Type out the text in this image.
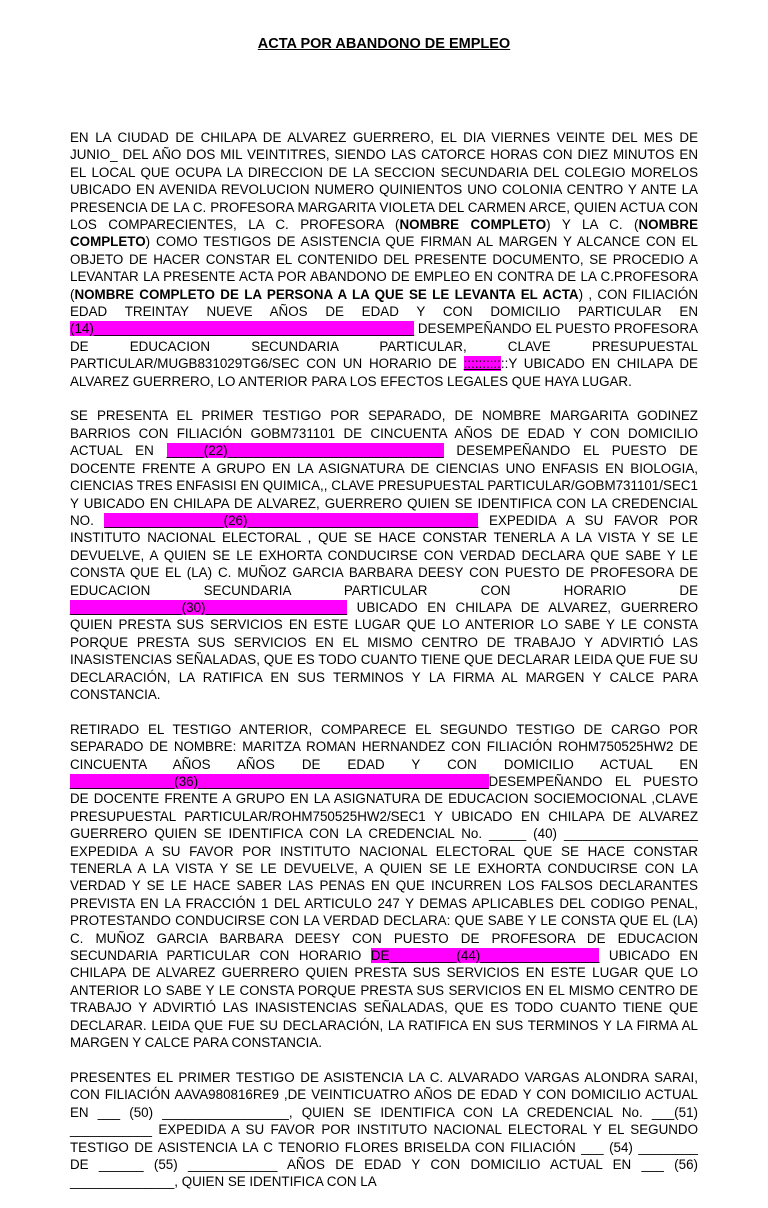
ACTA POR ABANDONO DE EMPLEO

EN LA CIUDAD DE CHILAPA DE ALVAREZ GUERRERO, EL DIA VIERNES VEINTE DEL MES DE JUNIO_ DEL AÑO DOS MIL VEINTITRES, SIENDO LAS CATORCE HORAS CON DIEZ MINUTOS EN EL LOCAL QUE OCUPA LA DIRECCION DE LA SECCION SECUNDARIA DEL COLEGIO MORELOS UBICADO EN AVENIDA REVOLUCION NUMERO QUINIENTOS UNO COLONIA CENTRO Y ANTE LA PRESENCIA DE LA C. PROFESORA MARGARITA VIOLETA DEL CARMEN ARCE, QUIEN ACTUA CON LOS COMPARECIENTES, LA C. PROFESORA (NOMBRE COMPLETO) Y LA C. (NOMBRE COMPLETO) COMO TESTIGOS DE ASISTENCIA QUE FIRMAN AL MARGEN Y ALCANCE CON EL OBJETO DE HACER CONSTAR EL CONTENIDO DEL PRESENTE DOCUMENTO, SE PROCEDIO A LEVANTAR LA PRESENTE ACTA POR ABANDONO DE EMPLEO EN CONTRA DE LA C.PROFESORA (NOMBRE COMPLETO DE LA PERSONA A LA QUE SE LE LEVANTA EL ACTA) , CON FILIACIÓN EDAD TREINTAY NUEVE AÑOS DE EDAD Y CON DOMICILIO PARTICULAR EN (14)___________________________________________ DESEMPEÑANDO EL PUESTO PROFESORA DE EDUCACION SECUNDARIA PARTICULAR, CLAVE PRESUPUESTAL PARTICULAR/MUGB831029TG6/SEC CON UN HORARIO DE ::::::::::::Y UBICADO EN CHILAPA DE ALVAREZ GUERRERO, LO ANTERIOR PARA LOS EFECTOS LEGALES QUE HAYA LUGAR.

SE PRESENTA EL PRIMER TESTIGO POR SEPARADO, DE NOMBRE MARGARITA GODINEZ BARRIOS CON FILIACIÓN GOBM731101 DE CINCUENTA AÑOS DE EDAD Y CON DOMICILIO ACTUAL EN _____(22)_____________________________ DESEMPEÑANDO EL PUESTO DE DOCENTE FRENTE A GRUPO EN LA ASIGNATURA DE CIENCIAS UNO ENFASIS EN BIOLOGIA, CIENCIAS TRES ENFASISI EN QUIMICA,, CLAVE PRESUPUESTAL PARTICULAR/GOBM731101/SEC1 Y UBICADO EN CHILAPA DE ALVAREZ, GUERRERO QUIEN SE IDENTIFICA CON LA CREDENCIAL NO. ________________(26)_______________________________ EXPEDIDA A SU FAVOR POR INSTITUTO NACIONAL ELECTORAL , QUE SE HACE CONSTAR TENERLA A LA VISTA Y SE LE DEVUELVE, A QUIEN SE LE EXHORTA CONDUCIRSE CON VERDAD DECLARA QUE SABE Y LE CONSTA QUE EL (LA) C. MUÑOZ GARCIA BARBARA DEESY CON PUESTO DE PROFESORA DE EDUCACION SECUNDARIA PARTICULAR CON HORARIO DE _______________(30)___________________ UBICADO EN CHILAPA DE ALVAREZ, GUERRERO QUIEN PRESTA SUS SERVICIOS EN ESTE LUGAR QUE LO ANTERIOR LO SABE Y LE CONSTA PORQUE PRESTA SUS SERVICIOS EN EL MISMO CENTRO DE TRABAJO Y ADVIRTIÓ LAS INASISTENCIAS SEÑALADAS, QUE ES TODO CUANTO TIENE QUE DECLARAR LEIDA QUE FUE SU DECLARACIÓN, LA RATIFICA EN SUS TERMINOS Y LA FIRMA AL MARGEN Y CALCE PARA CONSTANCIA.

RETIRADO EL TESTIGO ANTERIOR, COMPARECE EL SEGUNDO TESTIGO DE CARGO POR SEPARADO DE NOMBRE: MARITZA ROMAN HERNANDEZ CON FILIACIÓN ROHM750525HW2 DE CINCUENTA AÑOS AÑOS DE EDAD Y CON DOMICILIO ACTUAL EN ______________(36)_______________________________________DESEMPEÑANDO EL PUESTO DE DOCENTE FRENTE A GRUPO EN LA ASIGNATURA DE EDUCACION SOCIEMOCIONAL ,CLAVE PRESUPUESTAL PARTICULAR/ROHM750525HW2/SEC1 Y UBICADO EN CHILAPA DE ALVAREZ GUERRERO QUIEN SE IDENTIFICA CON LA CREDENCIAL No. _____ (40) __________________ EXPEDIDA A SU FAVOR POR INSTITUTO NACIONAL ELECTORAL QUE SE HACE CONSTAR TENERLA A LA VISTA Y SE LE DEVUELVE, A QUIEN SE LE EXHORTA CONDUCIRSE CON LA VERDAD Y SE LE HACE SABER LAS PENAS EN QUE INCURREN LOS FALSOS DECLARANTES PREVISTA EN LA FRACCIÓN 1 DEL ARTICULO 247 Y DEMAS APLICABLES DEL CODIGO PENAL, PROTESTANDO CONDUCIRSE CON LA VERDAD DECLARA: QUE SABE Y LE CONSTA QUE EL (LA) C. MUÑOZ GARCIA BARBARA DEESY CON PUESTO DE PROFESORA DE EDUCACION SECUNDARIA PARTICULAR CON HORARIO DE_________(44)________________ UBICADO EN CHILAPA DE ALVAREZ GUERRERO QUIEN PRESTA SUS SERVICIOS EN ESTE LUGAR QUE LO ANTERIOR LO SABE Y LE CONSTA PORQUE PRESTA SUS SERVICIOS EN EL MISMO CENTRO DE TRABAJO Y ADVIRTIÓ LAS INASISTENCIAS SEÑALADAS, QUE ES TODO CUANTO TIENE QUE DECLARAR. LEIDA QUE FUE SU DECLARACIÓN, LA RATIFICA EN SUS TERMINOS Y LA FIRMA AL MARGEN Y CALCE PARA CONSTANCIA.

PRESENTES EL PRIMER TESTIGO DE ASISTENCIA LA C. ALVARADO VARGAS ALONDRA SARAI, CON FILIACIÓN AAVA980816RE9 ,DE VEINTICUATRO AÑOS DE EDAD Y CON DOMICILIO ACTUAL EN ___ (50) _________________, QUIEN SE IDENTIFICA CON LA CREDENCIAL No. ___(51) ___________ EXPEDIDA A SU FAVOR POR INSTITUTO NACIONAL ELECTORAL Y EL SEGUNDO TESTIGO DE ASISTENCIA LA C TENORIO FLORES BRISELDA CON FILIACIÓN ___ (54) ________ DE ______ (55) ____________ AÑOS DE EDAD Y CON DOMICILIO ACTUAL EN ___ (56) ______________, QUIEN SE IDENTIFICA CON LA
